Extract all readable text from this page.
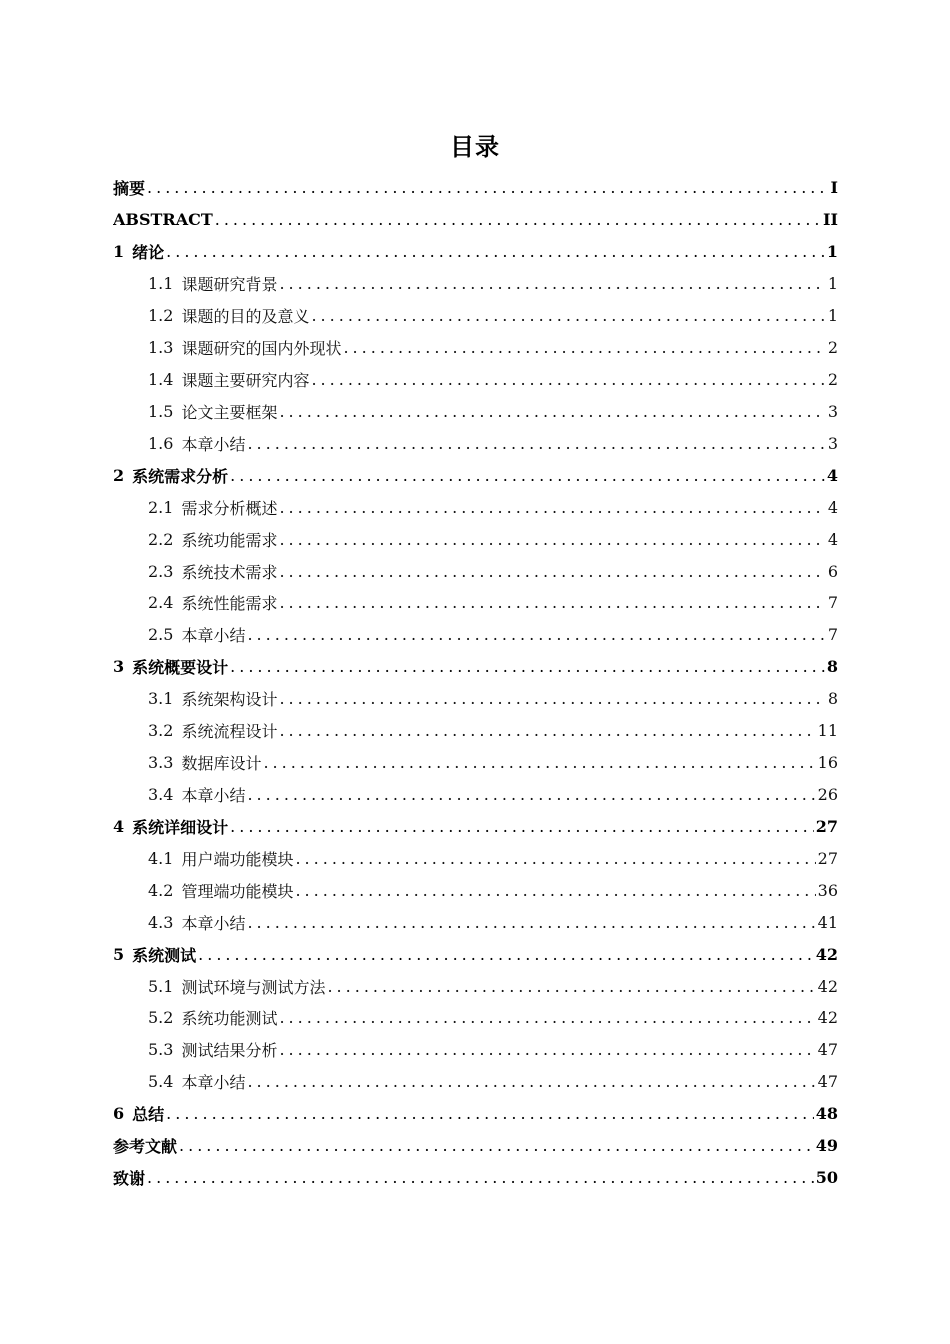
目录
摘要 .....	I
ABSTRACT .....	II
1 绪论 .....	1
1.1 课题研究背景 .....	1
1.2 课题的目的及意义 .....	1
1.3 课题研究的国内外现状 .....	2
1.4 课题主要研究内容 .....	2
1.5 论文主要框架 .....	3
1.6 本章小结 .....	3
2 系统需求分析 .....	4
2.1 需求分析概述 .....	4
2.2 系统功能需求 .....	4
2.3 系统技术需求 .....	6
2.4 系统性能需求 .....	7
2.5 本章小结 .....	7
3 系统概要设计 .....	8
3.1 系统架构设计 .....	8
3.2 系统流程设计 .....	11
3.3 数据库设计 .....	16
3.4 本章小结 .....	26
4 系统详细设计 .....	27
4.1 用户端功能模块 .....	27
4.2 管理端功能模块 .....	36
4.3 本章小结 .....	41
5 系统测试 .....	42
5.1 测试环境与测试方法 .....	42
5.2 系统功能测试 .....	42
5.3 测试结果分析 .....	47
5.4 本章小结 .....	47
6 总结 .....	48
参考文献 .....	49
致谢 .....	50
